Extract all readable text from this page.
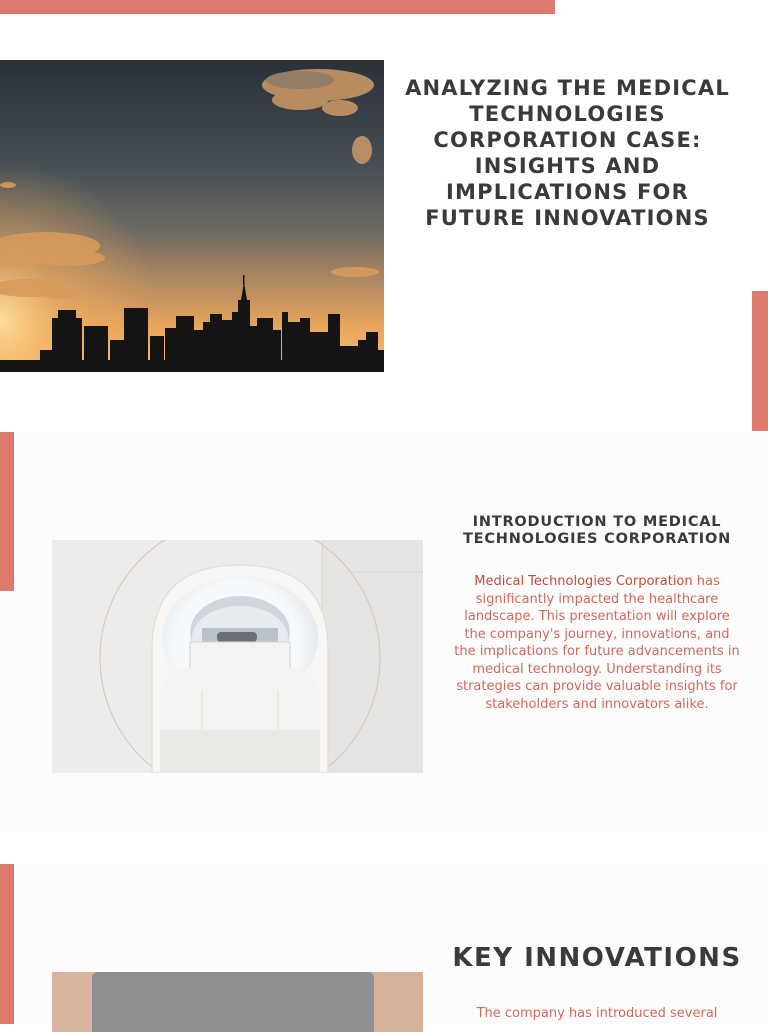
ANALYZING THE MEDICAL TECHNOLOGIES CORPORATION CASE: INSIGHTS AND IMPLICATIONS FOR FUTURE INNOVATIONS
INTRODUCTION TO MEDICAL TECHNOLOGIES CORPORATION

Medical Technologies Corporation has significantly impacted the healthcare landscape. This presentation will explore the company's journey, innovations, and the implications for future advancements in medical technology. Understanding its strategies can provide valuable insights for stakeholders and innovators alike.

KEY INNOVATIONS

The company has introduced several
